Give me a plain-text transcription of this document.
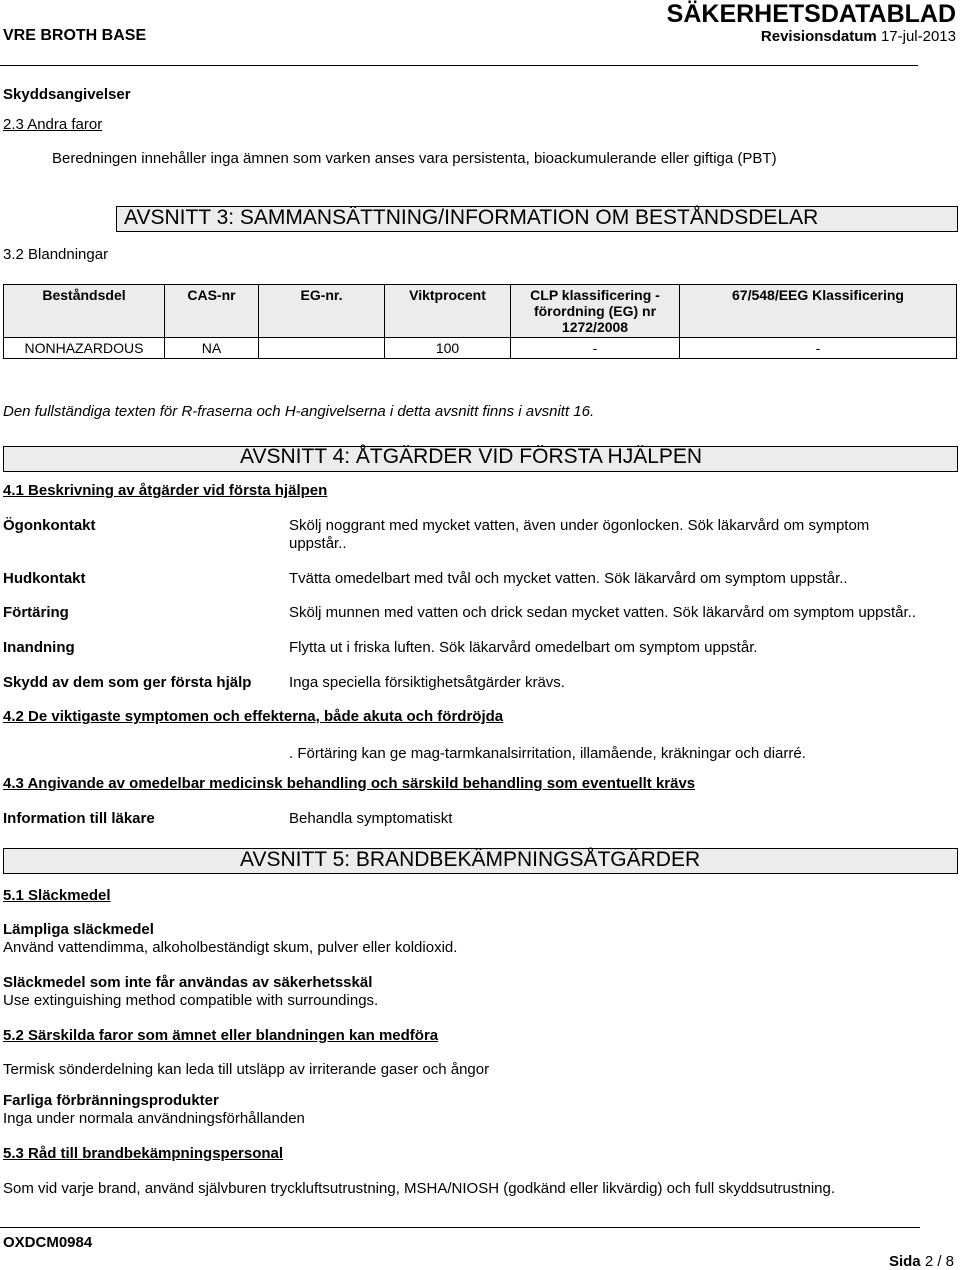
SÄKERHETSDATABLAD
VRE BROTH BASE	Revisionsdatum 17-jul-2013
Skyddsangivelser
2.3 Andra faror
Beredningen innehåller inga ämnen som varken anses vara persistenta, bioackumulerande eller giftiga (PBT)
AVSNITT 3: SAMMANSÄTTNING/INFORMATION OM BESTÅNDSDELAR
3.2 Blandningar
Beståndsdel	CAS-nr	EG-nr.	Viktprocent	CLP klassificering - förordning (EG) nr 1272/2008	67/548/EEG Klassificering
NONHAZARDOUS	NA		100	-	-
Den fullständiga texten för R-fraserna och H-angivelserna i detta avsnitt finns i avsnitt 16.
AVSNITT 4: ÅTGÄRDER VID FÖRSTA HJÄLPEN
4.1 Beskrivning av åtgärder vid första hjälpen
Ögonkontakt	Skölj noggrant med mycket vatten, även under ögonlocken. Sök läkarvård om symptom
uppstår..
Hudkontakt	Tvätta omedelbart med tvål och mycket vatten. Sök läkarvård om symptom uppstår..
Förtäring	Skölj munnen med vatten och drick sedan mycket vatten. Sök läkarvård om symptom uppstår..
Inandning	Flytta ut i friska luften. Sök läkarvård omedelbart om symptom uppstår.
Skydd av dem som ger första hjälp	Inga speciella försiktighetsåtgärder krävs.
4.2 De viktigaste symptomen och effekterna, både akuta och fördröjda
. Förtäring kan ge mag-tarmkanalsirritation, illamående, kräkningar och diarré.
4.3 Angivande av omedelbar medicinsk behandling och särskild behandling som eventuellt krävs
Information till läkare	Behandla symptomatiskt
AVSNITT 5: BRANDBEKÄMPNINGSÅTGÄRDER
5.1 Släckmedel
Lämpliga släckmedel
Använd vattendimma, alkoholbeständigt skum, pulver eller koldioxid.
Släckmedel som inte får användas av säkerhetsskäl
Use extinguishing method compatible with surroundings.
5.2 Särskilda faror som ämnet eller blandningen kan medföra
Termisk sönderdelning kan leda till utsläpp av irriterande gaser och ångor
Farliga förbränningsprodukter
Inga under normala användningsförhållanden
5.3 Råd till brandbekämpningspersonal
Som vid varje brand, använd självburen tryckluftsutrustning, MSHA/NIOSH (godkänd eller likvärdig) och full skyddsutrustning.
OXDCM0984
Sida 2 / 8
